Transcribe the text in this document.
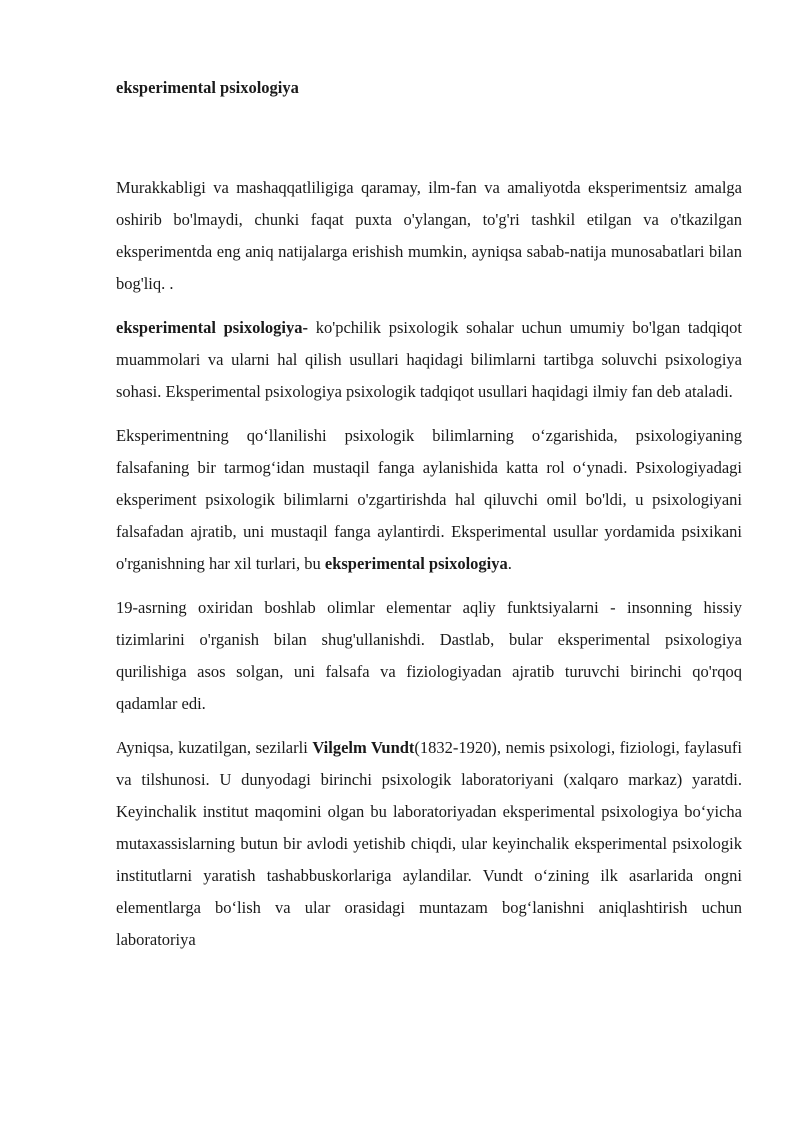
eksperimental psixologiya

Murakkabligi va mashaqqatliligiga qaramay, ilm-fan va amaliyotda eksperimentsiz amalga oshirib bo'lmaydi, chunki faqat puxta o'ylangan, to'g'ri tashkil etilgan va o'tkazilgan eksperimentda eng aniq natijalarga erishish mumkin, ayniqsa sabab-natija munosabatlari bilan bog'liq. .

eksperimental psixologiya- ko'pchilik psixologik sohalar uchun umumiy bo'lgan tadqiqot muammolari va ularni hal qilish usullari haqidagi bilimlarni tartibga soluvchi psixologiya sohasi. Eksperimental psixologiya psixologik tadqiqot usullari haqidagi ilmiy fan deb ataladi.

Eksperimentning qo‘llanilishi psixologik bilimlarning o‘zgarishida, psixologiyaning falsafaning bir tarmog‘idan mustaqil fanga aylanishida katta rol o‘ynadi. Psixologiyadagi eksperiment psixologik bilimlarni o'zgartirishda hal qiluvchi omil bo'ldi, u psixologiyani falsafadan ajratib, uni mustaqil fanga aylantirdi. Eksperimental usullar yordamida psixikani o'rganishning har xil turlari, bu eksperimental psixologiya.

19-asrning oxiridan boshlab olimlar elementar aqliy funktsiyalarni - insonning hissiy tizimlarini o'rganish bilan shug'ullanishdi. Dastlab, bular eksperimental psixologiya qurilishiga asos solgan, uni falsafa va fiziologiyadan ajratib turuvchi birinchi qo'rqoq qadamlar edi.

Ayniqsa, kuzatilgan, sezilarli Vilgelm Vundt(1832-1920), nemis psixologi, fiziologi, faylasufi va tilshunosi. U dunyodagi birinchi psixologik laboratoriyani (xalqaro markaz) yaratdi. Keyinchalik institut maqomini olgan bu laboratoriyadan eksperimental psixologiya bo‘yicha mutaxassislarning butun bir avlodi yetishib chiqdi, ular keyinchalik eksperimental psixologik institutlarni yaratish tashabbuskorlariga aylandilar. Vundt o‘zining ilk asarlarida ongni elementlarga bo‘lish va ular orasidagi muntazam bog‘lanishni aniqlashtirish uchun laboratoriya
